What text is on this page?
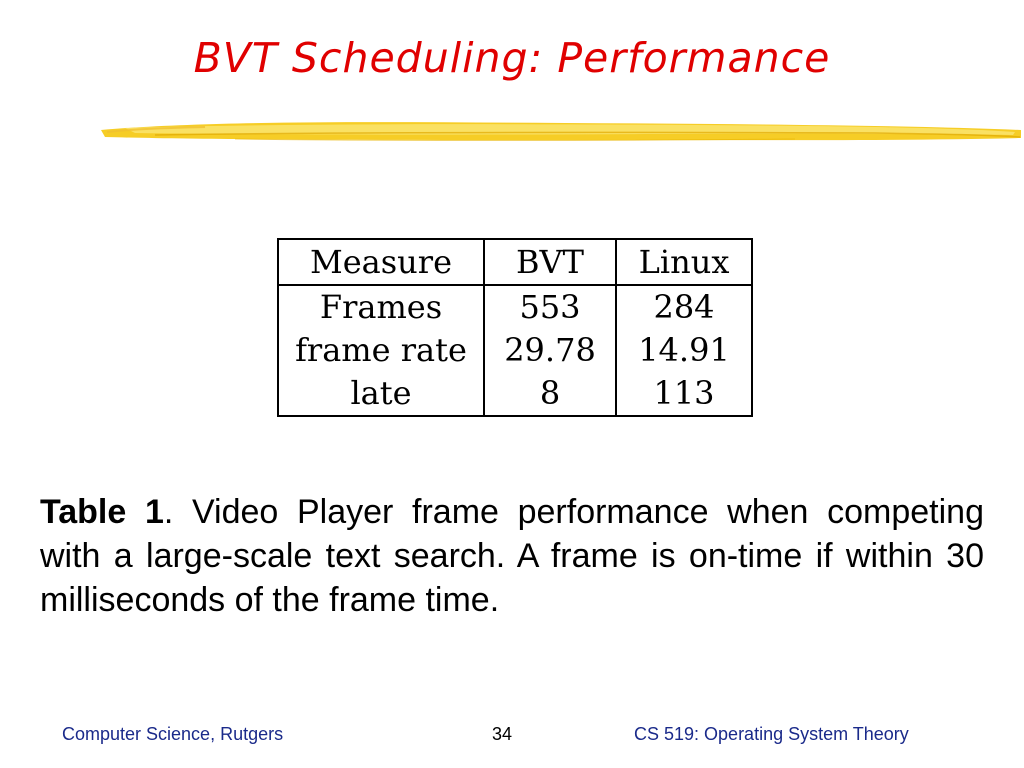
BVT Scheduling: Performance
Measure	BVT	Linux
Frames	553	284
frame rate	29.78	14.91
late	8	113
Table 1. Video Player frame performance when competing with a large-scale text search. A frame is on-time if within 30 milliseconds of the frame time.
Computer Science, Rutgers	34	CS 519: Operating System Theory
